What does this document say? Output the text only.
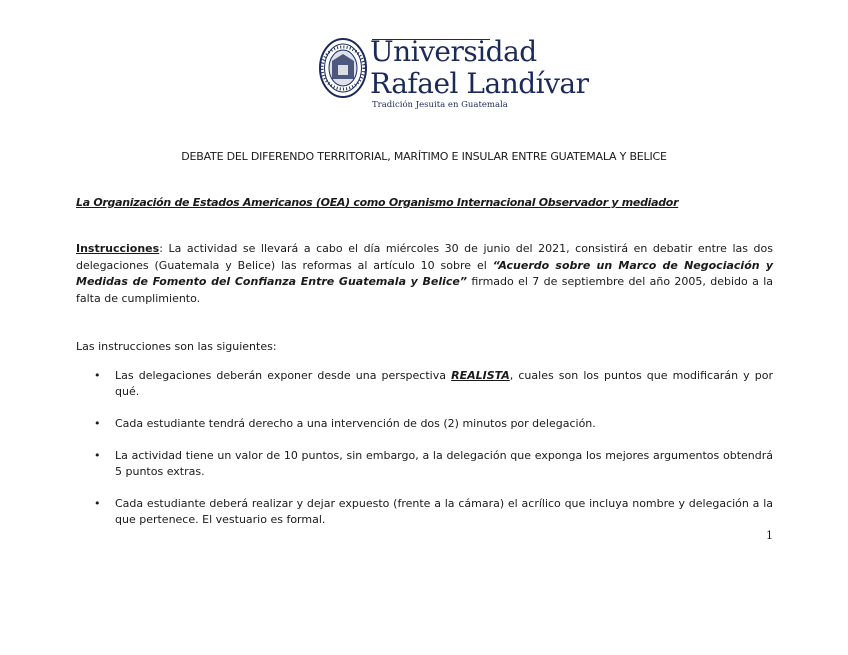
Universidad
Rafael Landívar
Tradición Jesuita en Guatemala
DEBATE DEL DIFERENDO TERRITORIAL, MARÍTIMO E INSULAR ENTRE GUATEMALA Y BELICE
La Organización de Estados Americanos (OEA) como Organismo Internacional Observador y mediador
Instrucciones: La actividad se llevará a cabo el día miércoles 30 de junio del 2021, consistirá en debatir entre las dos delegaciones (Guatemala y Belice) las reformas al artículo 10 sobre el “Acuerdo sobre un Marco de Negociación y Medidas de Fomento del Confianza Entre Guatemala y Belice” firmado el 7 de septiembre del año 2005, debido a la falta de cumplimiento.
Las instrucciones son las siguientes:
• Las delegaciones deberán exponer desde una perspectiva REALISTA, cuales son los puntos que modificarán y por qué.
• Cada estudiante tendrá derecho a una intervención de dos (2) minutos por delegación.
• La actividad tiene un valor de 10 puntos, sin embargo, a la delegación que exponga los mejores argumentos obtendrá 5 puntos extras.
• Cada estudiante deberá realizar y dejar expuesto (frente a la cámara) el acrílico que incluya nombre y delegación a la que pertenece. El vestuario es formal.
1
